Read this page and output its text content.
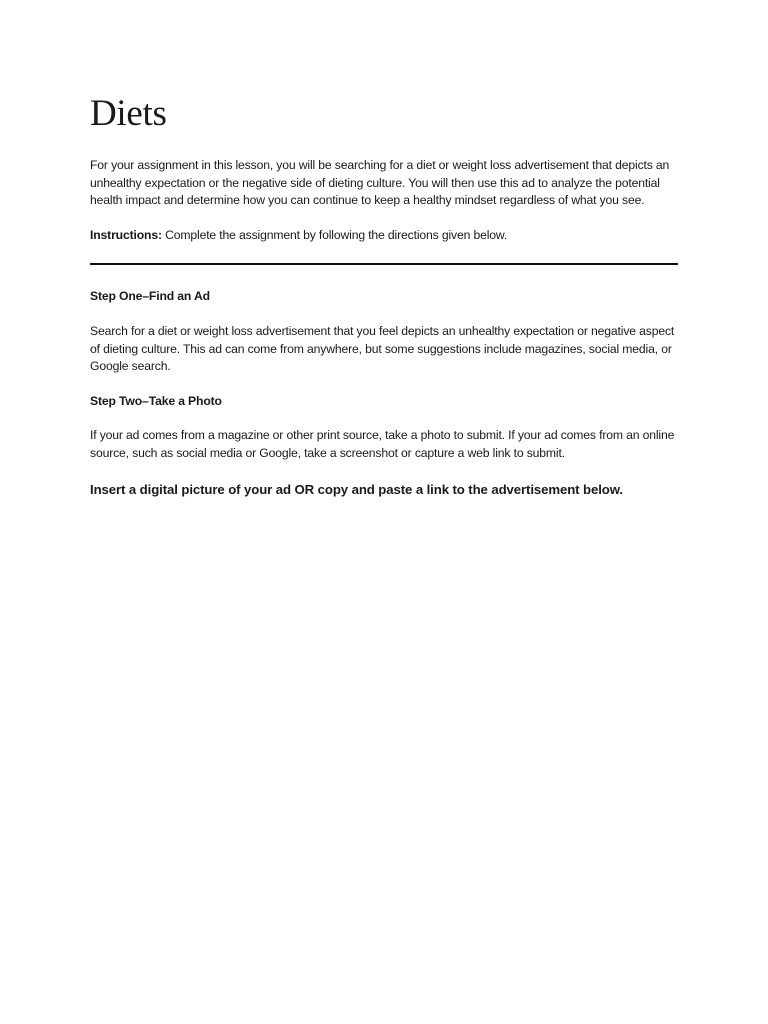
Diets

For your assignment in this lesson, you will be searching for a diet or weight loss advertisement that depicts an unhealthy expectation or the negative side of dieting culture. You will then use this ad to analyze the potential health impact and determine how you can continue to keep a healthy mindset regardless of what you see.

Instructions: Complete the assignment by following the directions given below.

Step One–Find an Ad

Search for a diet or weight loss advertisement that you feel depicts an unhealthy expectation or negative aspect of dieting culture. This ad can come from anywhere, but some suggestions include magazines, social media, or Google search.

Step Two–Take a Photo

If your ad comes from a magazine or other print source, take a photo to submit. If your ad comes from an online source, such as social media or Google, take a screenshot or capture a web link to submit.

Insert a digital picture of your ad OR copy and paste a link to the advertisement below.
